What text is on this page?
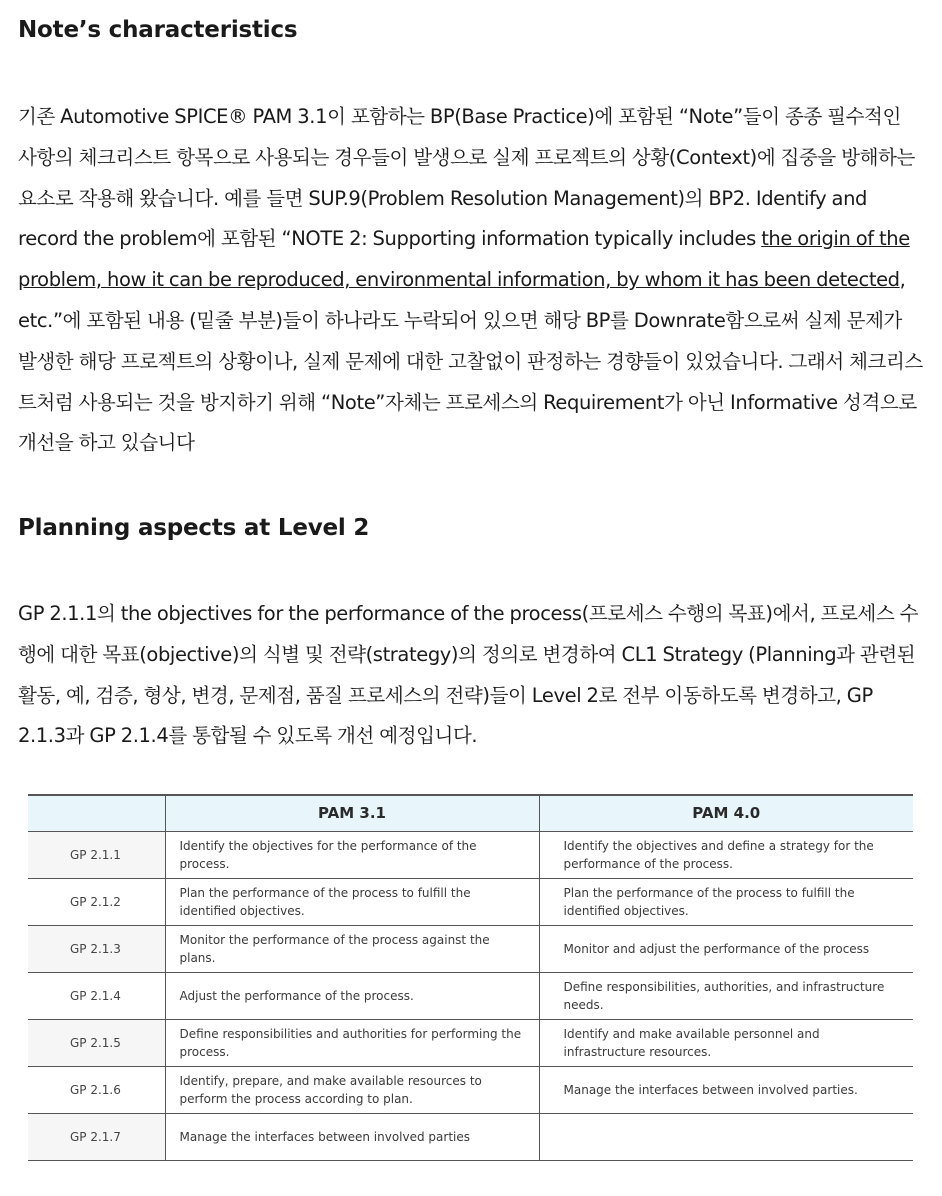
Note’s characteristics

기존 Automotive SPICE® PAM 3.1이 포함하는 BP(Base Practice)에 포함된 “Note”들이 종종 필수적인 사항의 체크리스트 항목으로 사용되는 경우들이 발생으로 실제 프로젝트의 상황(Context)에 집중을 방해하는 요소로 작용해 왔습니다. 예를 들면 SUP.9(Problem Resolution Management)의 BP2. Identify and record the problem에 포함된 “NOTE 2: Supporting information typically includes the origin of the problem, how it can be reproduced, environmental information, by whom it has been detected, etc.”에 포함된 내용 (밑줄 부분)들이 하나라도 누락되어 있으면 해당 BP를 Downrate함으로써 실제 문제가 발생한 해당 프로젝트의 상황이나, 실제 문제에 대한 고찰없이 판정하는 경향들이 있었습니다. 그래서 체크리스트처럼 사용되는 것을 방지하기 위해 “Note”자체는 프로세스의 Requirement가 아닌 Informative 성격으로 개선을 하고 있습니다

Planning aspects at Level 2

GP 2.1.1의 the objectives for the performance of the process(프로세스 수행의 목표)에서, 프로세스 수행에 대한 목표(objective)의 식별 및 전략(strategy)의 정의로 변경하여 CL1 Strategy (Planning과 관련된 활동, 예, 검증, 형상, 변경, 문제점, 품질 프로세스의 전략)들이 Level 2로 전부 이동하도록 변경하고, GP 2.1.3과 GP 2.1.4를 통합될 수 있도록 개선 예정입니다.

	PAM 3.1	PAM 4.0
GP 2.1.1	Identify the objectives for the performance of the process.	Identify the objectives and define a strategy for the performance of the process.
GP 2.1.2	Plan the performance of the process to fulfill the identified objectives.	Plan the performance of the process to fulfill the identified objectives.
GP 2.1.3	Monitor the performance of the process against the plans.	Monitor and adjust the performance of the process
GP 2.1.4	Adjust the performance of the process.	Define responsibilities, authorities, and infrastructure needs.
GP 2.1.5	Define responsibilities and authorities for performing the process.	Identify and make available personnel and infrastructure resources.
GP 2.1.6	Identify, prepare, and make available resources to perform the process according to plan.	Manage the interfaces between involved parties.
GP 2.1.7	Manage the interfaces between involved parties	
